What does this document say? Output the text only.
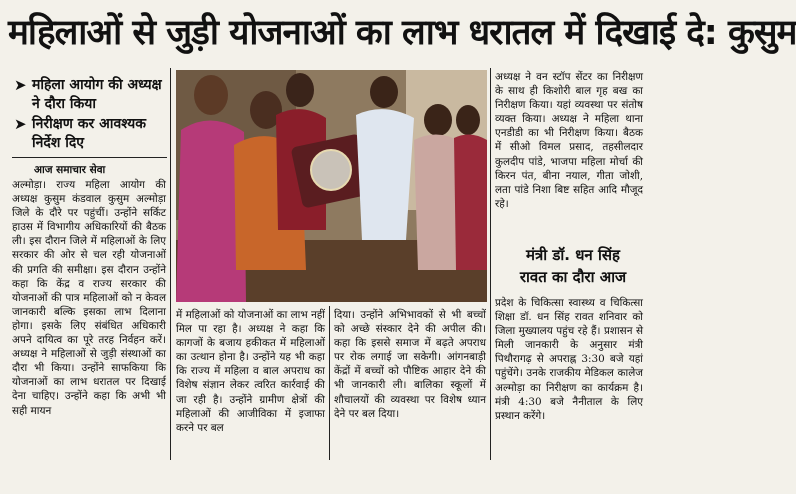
महिलाओं से जुड़ी योजनाओं का लाभ धरातल में दिखाई दे: कुसुम
➤ महिला आयोग की अध्यक्ष ने दौरा किया
➤ निरीक्षण कर आवश्यक निर्देश दिए
आज समाचार सेवा

अल्मोड़ा। राज्य महिला आयोग की अध्यक्ष कुसुम कंडवाल कुसुम अल्मोड़ा जिले के दौरे पर पहुंचीं। उन्होंने सर्किट हाउस में विभागीय अधिकारियों की बैठक ली। इस दौरान जिले में महिलाओं के लिए सरकार की ओर से चल रही योजनाओं की प्रगति की समीक्षा। इस दौरान उन्होंने कहा कि केंद्र व राज्य सरकार की योजनाओं की पात्र महिलाओं को न केवल जानकारी बल्कि इसका लाभ दिलाना होगा। इसके लिए संबंधित अधिकारी अपने दायित्व का पूरे तरह निर्वहन करें। अध्यक्ष ने महिलाओं से जुड़ी संस्थाओं का दौरा भी किया। उन्होंने साफकिया कि योजनाओं का लाभ धरातल पर दिखाई देना चाहिए। उन्होंने कहा कि अभी भी सही मायन

में महिलाओं को योजनाओं का लाभ नहीं मिल पा रहा है। अध्यक्ष ने कहा कि कागजों के बजाय हकीकत में महिलाओं का उत्थान होना है। उन्होंने यह भी कहा कि राज्य में महिला व बाल अपराध का विशेष संज्ञान लेकर त्वरित कार्रवाई की जा रही है। उन्होंने ग्रामीण क्षेत्रों की महिलाओं की आजीविका में इजाफा करने पर बल

दिया। उन्होंने अभिभावकों से भी बच्चों को अच्छे संस्कार देने की अपील की। कहा कि इससे समाज में बढ़ते अपराध पर रोक लगाई जा सकेगी। आंगनबाड़ी केंद्रों में बच्चों को पौष्टिक आहार देने की भी जानकारी ली। बालिका स्कूलों में शौचालयों की व्यवस्था पर विशेष ध्यान देने पर बल दिया।

अध्यक्ष ने वन स्टॉप सेंटर का निरीक्षण के साथ ही किशोरी बाल गृह बख का निरीक्षण किया। यहां व्यवस्था पर संतोष व्यक्त किया। अध्यक्ष ने महिला थाना एनडीडी का भी निरीक्षण किया। बैठक में सीओ विमल प्रसाद, तहसीलदार कुलदीप पांडे, भाजपा महिला मोर्चा की किरन पंत, बीना नयाल, गीता जोशी, लता पांडे निशा बिष्ट सहित आदि मौजूद रहे।

मंत्री डॉ. धन सिंह रावत का दौरा आज

प्रदेश के चिकित्सा स्वास्थ्य व चिकित्सा शिक्षा डॉ. धन सिंह रावत शनिवार को जिला मुख्यालय पहुंच रहे हैं। प्रशासन से मिली जानकारी के अनुसार मंत्री पिथौरागढ़ से अपराह्न 3:30 बजे यहां पहुंचेंगे। उनके राजकीय मेडिकल कालेज अल्मोड़ा का निरीक्षण का कार्यक्रम है। मंत्री 4:30 बजे नैनीताल के लिए प्रस्थान करेंगे।
